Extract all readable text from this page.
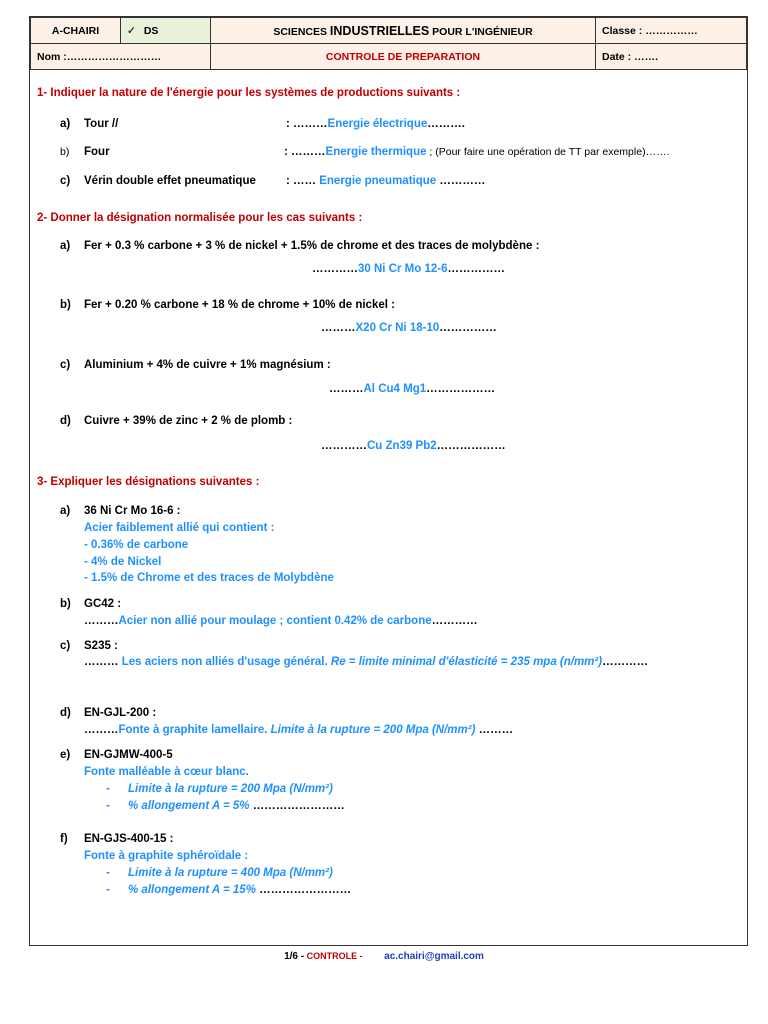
A-CHAIRI	✓ DS	SCIENCES INDUSTRIELLES POUR L'INGÉNIEUR	Classe : ……………
Nom :………………………		CONTROLE DE PREPARATION	Date : …….
1- Indiquer la nature de l'énergie pour les systèmes de productions suivants :
a) Tour //	: ………Energie électrique……….
b) Four	: ………Energie thermique ; (Pour faire une opération de TT par exemple)…….
c) Vérin double effet pneumatique	: …… Energie pneumatique …………
2- Donner la désignation normalisée pour les cas suivants :
a) Fer + 0.3 % carbone + 3 % de nickel + 1.5% de chrome et des traces de molybdène :
…………30 Ni Cr Mo 12-6……………
b) Fer + 0.20 % carbone + 18 % de chrome + 10% de nickel :
………X20 Cr Ni 18-10……………
c) Aluminium + 4% de cuivre + 1% magnésium :
………Al Cu4 Mg1………………
d) Cuivre + 39% de zinc + 2 % de plomb :
…………Cu Zn39 Pb2………………
3- Expliquer les désignations suivantes :
a) 36 Ni Cr Mo 16-6 :
Acier faiblement allié qui contient :
- 0.36% de carbone
- 4% de Nickel
- 1.5% de Chrome et des traces de Molybdène
b) GC42 :
………Acier non allié pour moulage ; contient 0.42% de carbone…………
c) S235 :
……… Les aciers non alliés d'usage général. Re = limite minimal d'élasticité = 235 mpa (n/mm²)…………
d) EN-GJL-200 :
………Fonte à graphite lamellaire. Limite à la rupture = 200 Mpa (N/mm²) ………
e) EN-GJMW-400-5
Fonte malléable à cœur blanc.
- Limite à la rupture = 200 Mpa (N/mm²)
- % allongement A = 5% ……………………
f) EN-GJS-400-15 :
Fonte à graphite sphéroïdale :
- Limite à la rupture = 400 Mpa (N/mm²)
- % allongement A = 15% ……………………
1/6 - CONTROLE - ac.chairi@gmail.com
